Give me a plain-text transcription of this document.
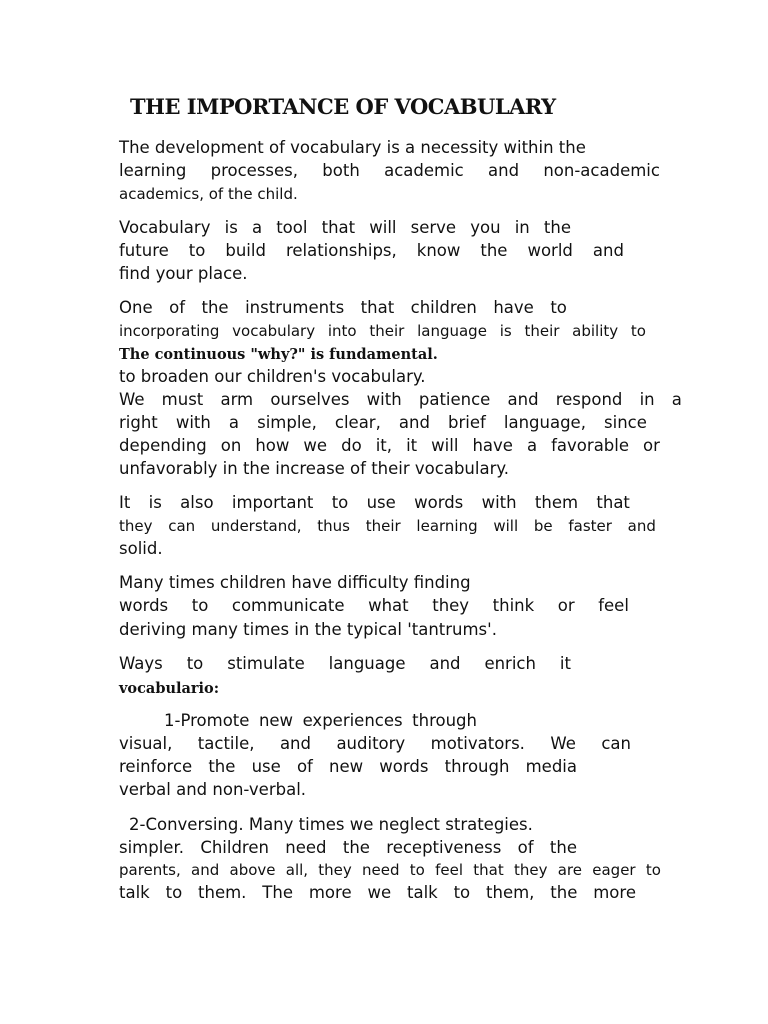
THE IMPORTANCE OF VOCABULARY
The development of vocabulary is a necessity within the
learning processes, both academic and non-academic
academics, of the child.
Vocabulary is a tool that will serve you in the
future to build relationships, know the world and
find your place.
One of the instruments that children have to
incorporating vocabulary into their language is their ability to
The continuous "why?" is fundamental.
to broaden our children's vocabulary.
We must arm ourselves with patience and respond in a
right with a simple, clear, and brief language, since
depending on how we do it, it will have a favorable or
unfavorably in the increase of their vocabulary.
It is also important to use words with them that
they can understand, thus their learning will be faster and
solid.
Many times children have difficulty finding
words to communicate what they think or feel
deriving many times in the typical 'tantrums'.
Ways to stimulate language and enrich it
vocabulario:
1-Promote new experiences through
visual, tactile, and auditory motivators. We can
reinforce the use of new words through media
verbal and non-verbal.
2-Conversing. Many times we neglect strategies.
simpler. Children need the receptiveness of the
parents, and above all, they need to feel that they are eager to
talk to them. The more we talk to them, the more
